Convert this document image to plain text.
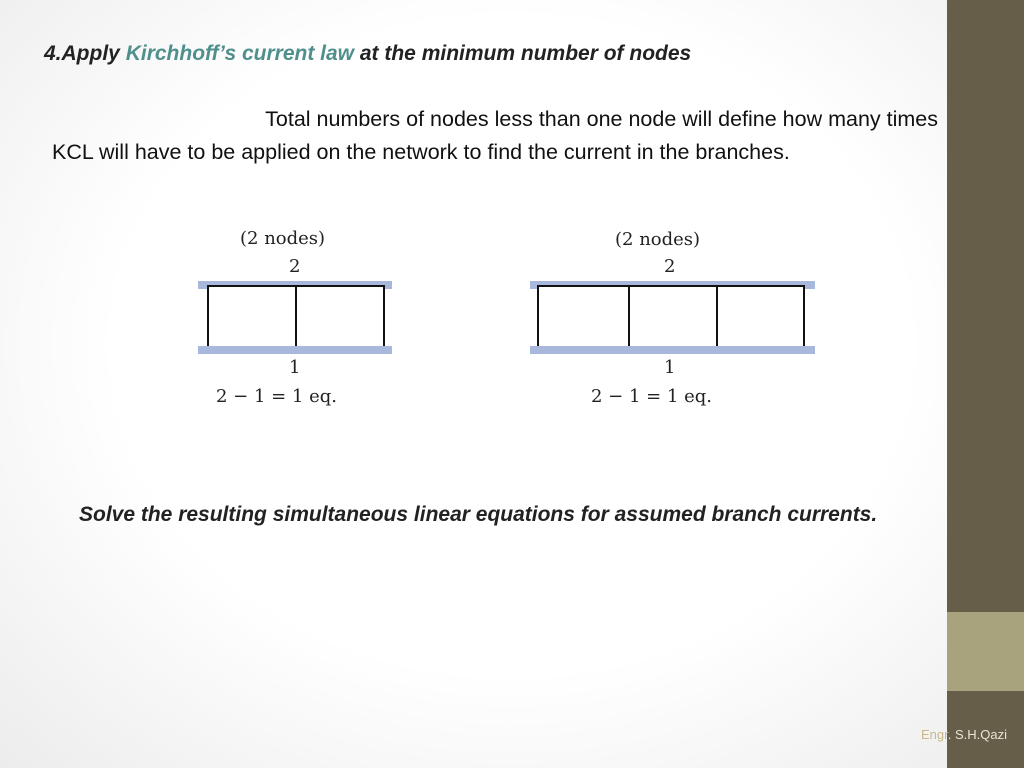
4.Apply Kirchhoff’s current law at the minimum number of nodes
Total numbers of nodes less than one node will define how many times
KCL will have to be applied on the network to find the current in the branches.
(2 nodes)
2
1
2 − 1 = 1 eq.
(2 nodes)
2
1
2 − 1 = 1 eq.
Solve the resulting simultaneous linear equations for assumed branch currents.
Engr. S.H.Qazi
